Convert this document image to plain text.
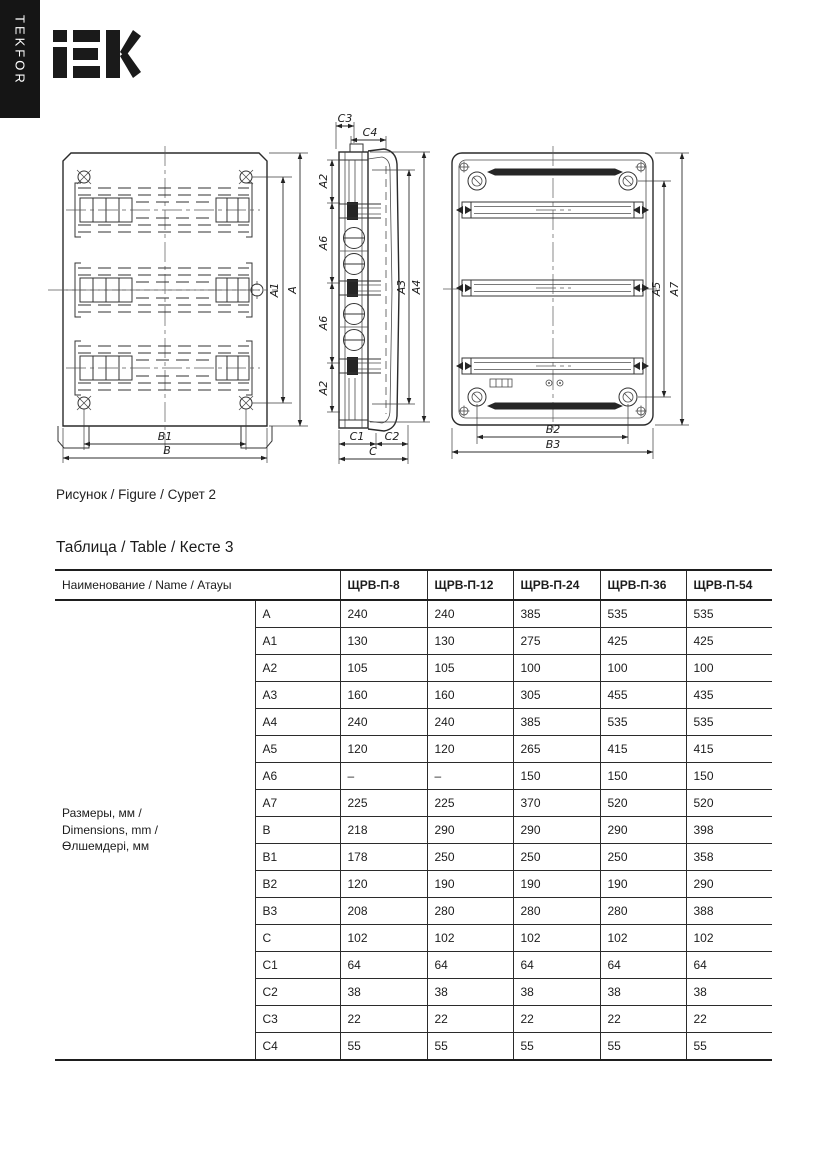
TEKFOR
A1 A
B1
B
C3
C4
A2
A6
A6
A2
A3 A4
C1 C2
C
A5 A7
B2
B3
Рисунок / Figure / Сурет 2
Таблица / Table / Кесте 3
Наименование / Name / Атауы		ЩРВ-П-8	ЩРВ-П-12	ЩРВ-П-24	ЩРВ-П-36	ЩРВ-П-54

Размеры, мм /
Dimensions, mm /
Өлшемдері, мм	A	240	240	385	535	535
	A1	130	130	275	425	425
	A2	105	105	100	100	100
	A3	160	160	305	455	435
	A4	240	240	385	535	535
	A5	120	120	265	415	415
	A6	–	–	150	150	150
	A7	225	225	370	520	520
	B	218	290	290	290	398
	B1	178	250	250	250	358
	B2	120	190	190	190	290
	B3	208	280	280	280	388
	C	102	102	102	102	102
	C1	64	64	64	64	64
	C2	38	38	38	38	38
	C3	22	22	22	22	22
	C4	55	55	55	55	55
